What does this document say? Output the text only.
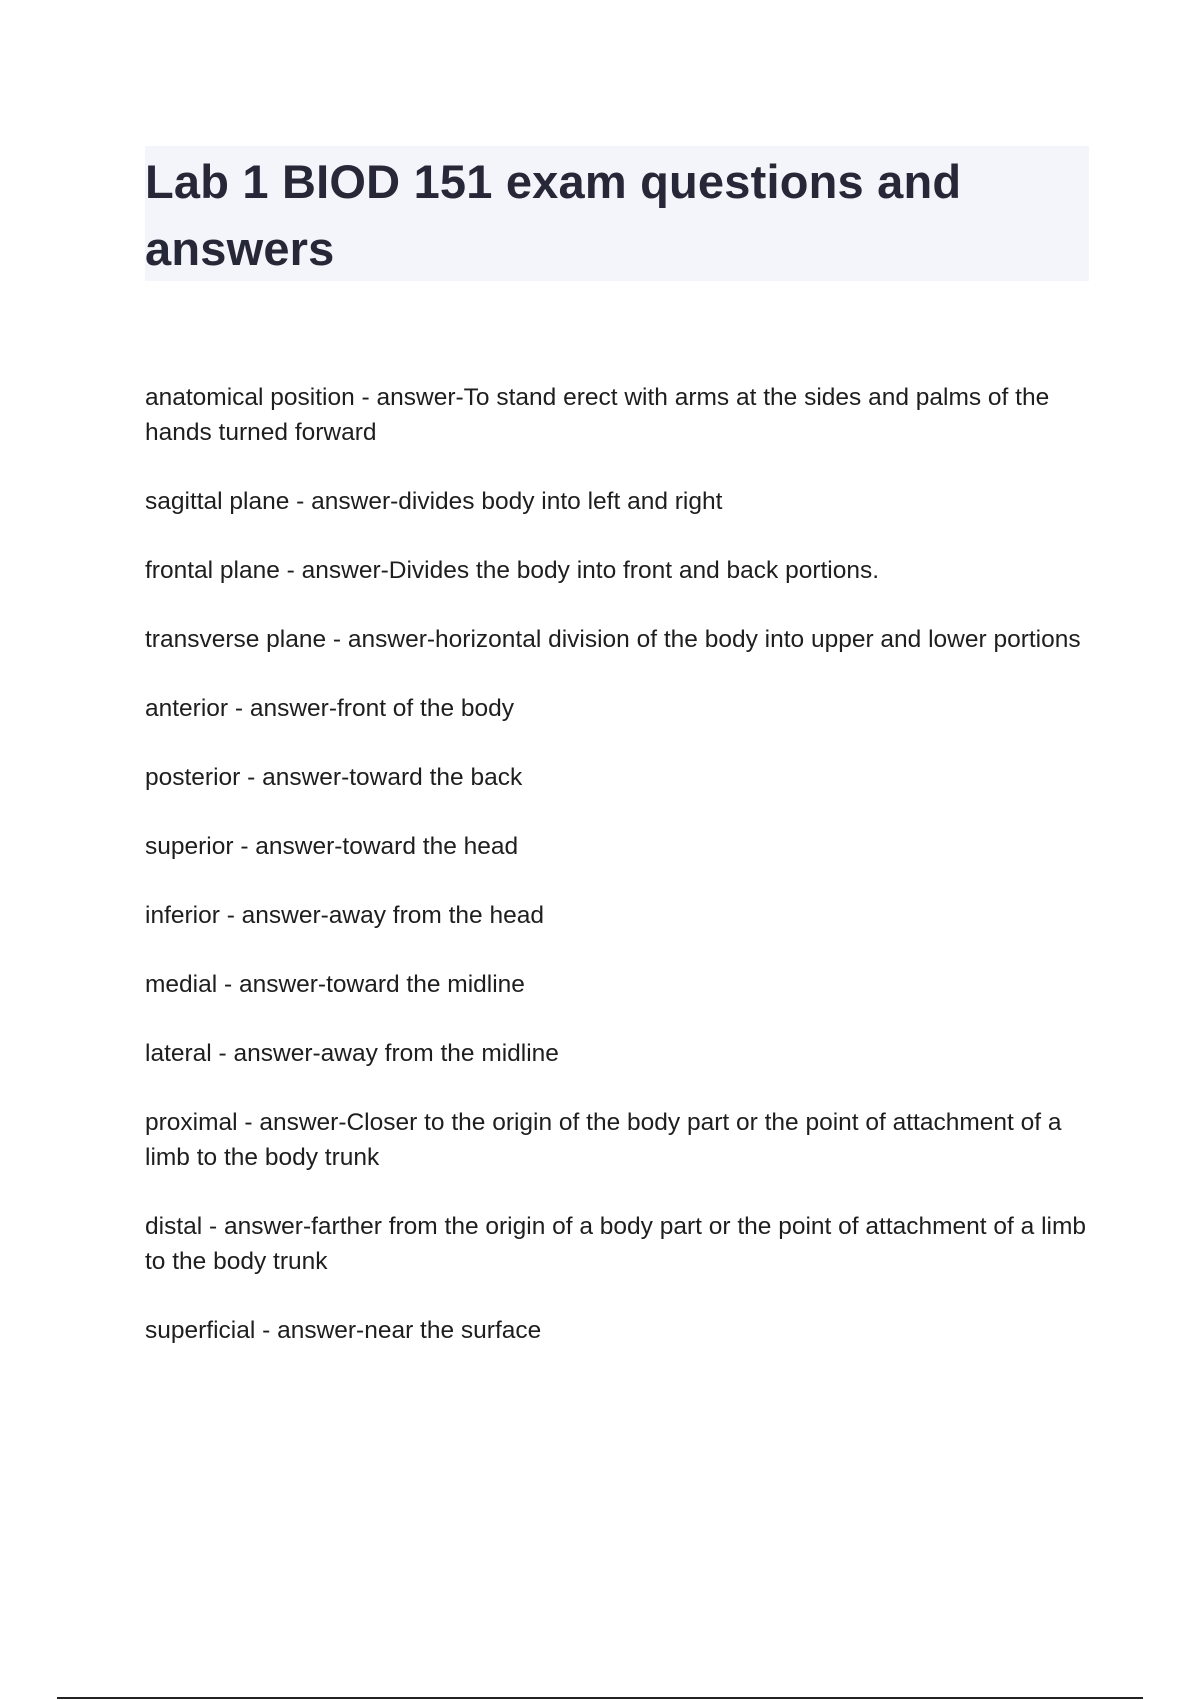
Lab 1 BIOD 151 exam questions and answers
anatomical position - answer-To stand erect with arms at the sides and palms of the hands turned forward
sagittal plane - answer-divides body into left and right
frontal plane - answer-Divides the body into front and back portions.
transverse plane - answer-horizontal division of the body into upper and lower portions
anterior - answer-front of the body
posterior - answer-toward the back
superior - answer-toward the head
inferior - answer-away from the head
medial - answer-toward the midline
lateral - answer-away from the midline
proximal - answer-Closer to the origin of the body part or the point of attachment of a limb to the body trunk
distal - answer-farther from the origin of a body part or the point of attachment of a limb to the body trunk
superficial - answer-near the surface
